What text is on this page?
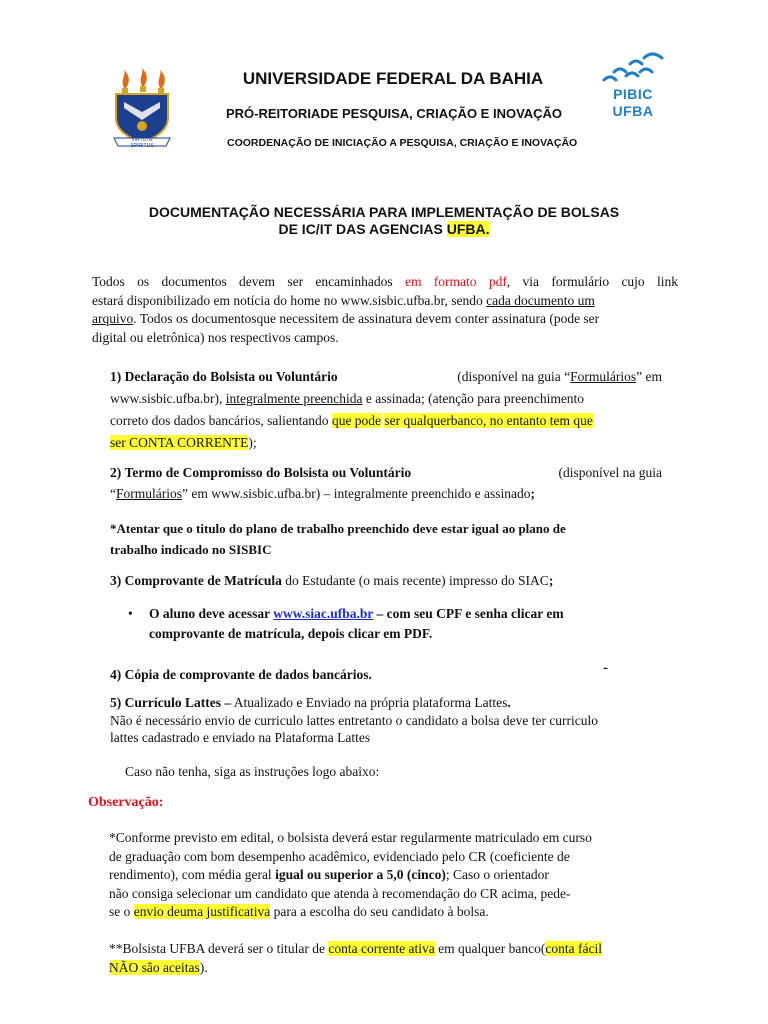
VIRTUTE SPIRITUS
UNIVERSIDADE FEDERAL DA BAHIA
PRÓ-REITORIADE PESQUISA, CRIAÇÃO E INOVAÇÃO
COORDENAÇÃO DE INICIAÇÃO A PESQUISA, CRIAÇÃO E INOVAÇÃO
PIBIC
UFBA
DOCUMENTAÇÃO NECESSÁRIA PARA IMPLEMENTAÇÃO DE BOLSAS
DE IC/IT DAS AGENCIAS UFBA.
Todos os documentos devem ser encaminhados em formato pdf, via formulário cujo link
estará disponibilizado em notícia do home no www.sisbic.ufba.br, sendo cada documento um
arquivo. Todos os documentosque necessitem de assinatura devem conter assinatura (pode ser
digital ou eletrônica) nos respectivos campos.
1) Declaração do Bolsista ou Voluntário	(disponível na guia “Formulários” em
www.sisbic.ufba.br), integralmente preenchida e assinada; (atenção para preenchimento
correto dos dados bancários, salientando que pode ser qualquerbanco, no entanto tem que
ser CONTA CORRENTE);
2) Termo de Compromisso do Bolsista ou Voluntário	(disponível na guia
“Formulários” em www.sisbic.ufba.br) – integralmente preenchido e assinado;
*Atentar que o titulo do plano de trabalho preenchido deve estar igual ao plano de
trabalho indicado no SISBIC
3) Comprovante de Matrícula do Estudante (o mais recente) impresso do SIAC;
• O aluno deve acessar www.siac.ufba.br – com seu CPF e senha clicar em
comprovante de matrícula, depois clicar em PDF.
4) Cópia de comprovante de dados bancários.	-
5) Currículo Lattes – Atualizado e Enviado na própria plataforma Lattes.
Não é necessário envio de curriculo lattes entretanto o candidato a bolsa deve ter curriculo
lattes cadastrado e enviado na Plataforma Lattes
Caso não tenha, siga as instruções logo abaixo:
Observação:
*Conforme previsto em edital, o bolsista deverá estar regularmente matriculado em curso
de graduação com bom desempenho acadêmico, evidenciado pelo CR (coeficiente de
rendimento), com média geral igual ou superior a 5,0 (cinco); Caso o orientador
não consiga selecionar um candidato que atenda à recomendação do CR acima, pede-
se o envio deuma justificativa para a escolha do seu candidato à bolsa.
**Bolsista UFBA deverá ser o titular de conta corrente ativa em qualquer banco(conta fácil
NÃO são aceitas).
